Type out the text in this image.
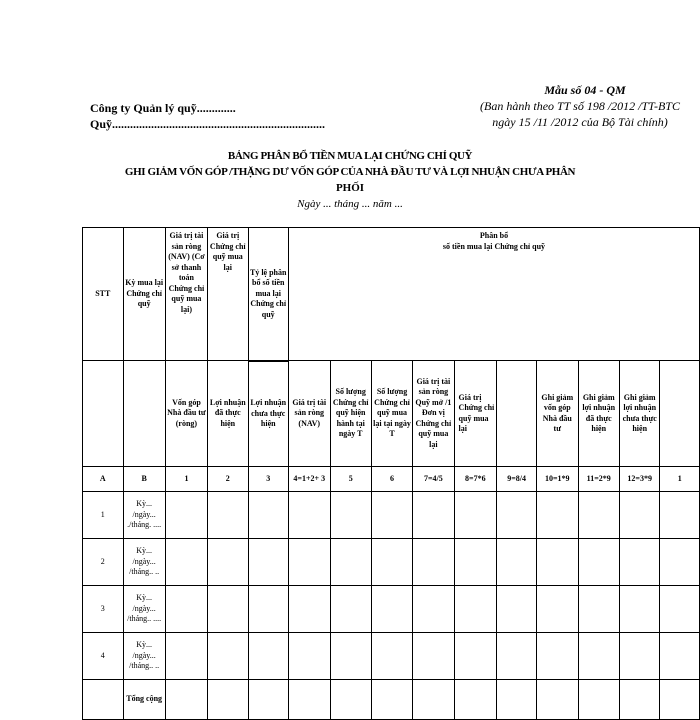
Mẫu số 04 - QM
Công ty Quản lý quỹ.............
Quỹ.......................................................................
(Ban hành theo TT số 198 /2012 /TT-BTC
ngày 15 /11 /2012 của Bộ Tài chính)
BẢNG PHÂN BỔ TIỀN MUA LẠI CHỨNG CHỈ QUỸ
GHI GIẢM VỐN GÓP /THẶNG DƯ VỐN GÓP CỦA NHÀ ĐẦU TƯ VÀ LỢI NHUẬN CHƯA PHÂN
PHỐI
Ngày ... tháng ... năm ...
STT	Kỳ mua lại Chứng chỉ quỹ	Giá trị tài sản ròng (NAV) (Cơ sở thanh toán Chứng chỉ quỹ mua lại)	Giá trị Chứng chỉ quỹ mua lại	Tỷ lệ phân bổ số tiền mua lại Chứng chỉ quỹ	Phân bổ
số tiền mua lại Chứng chỉ quỹ									
		Vốn góp Nhà đầu tư (ròng)	Lợi nhuận đã thực hiện	Lợi nhuận chưa thực hiện	Giá trị tài sản ròng (NAV)	Số lượng Chứng chỉ quỹ hiện hành tại ngày T	Số lượng Chứng chỉ quỹ mua lại tại ngày T	Giá trị tài sản ròng Quỹ mở /1 Đơn vị Chứng chỉ quỹ mua lại	Giá trị Chứng chỉ quỹ mua lại		Ghi giảm vốn góp Nhà đầu tư	Ghi giảm lợi nhuận đã thực hiện	Ghi giảm lợi nhuận chưa thực hiện	
A	B	1	2	3	4=1+2+ 3	5	6	7=4/5	8=7*6	9=8/4	10=1*9	11=2*9	12=3*9	1
1	Kỳ... /ngày... ./tháng. ....													
2	Kỳ... /ngày... /tháng.. ..													
3	Kỳ... /ngày... /tháng.. ....													
4	Kỳ... /ngày... /tháng.. ..													
	Tổng cộng													
